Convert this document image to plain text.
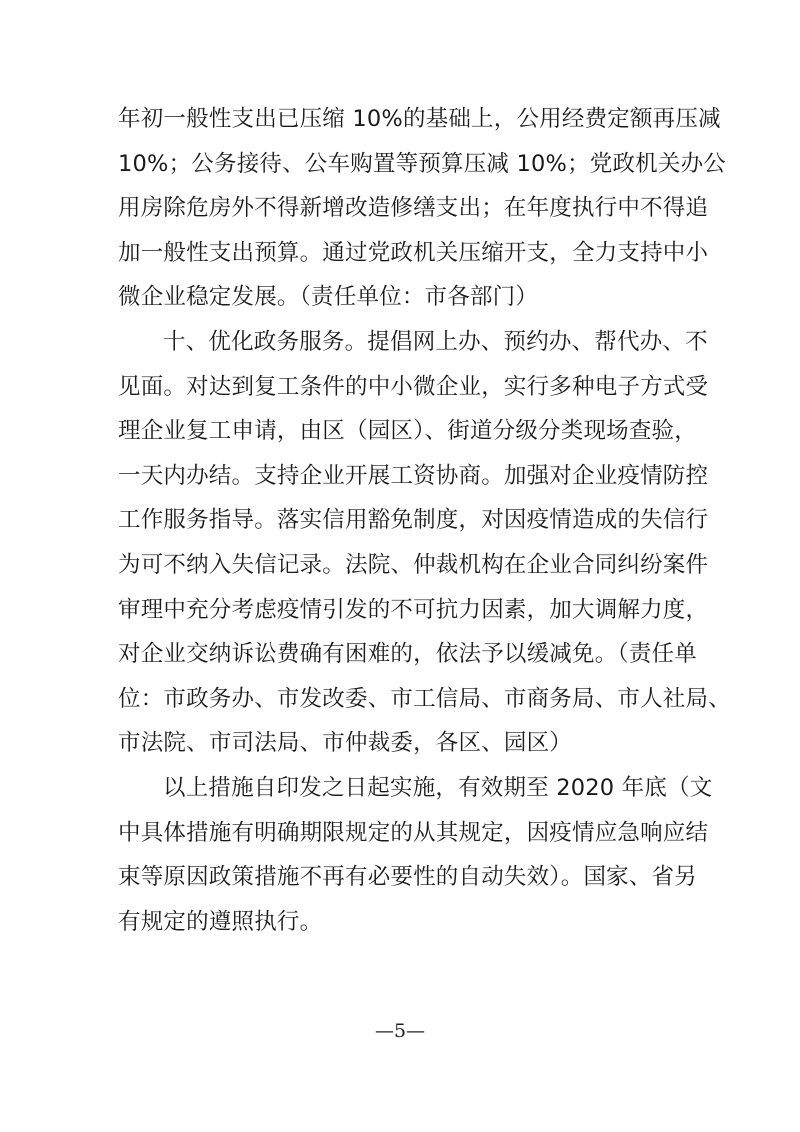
年初一般性支出已压缩 10%的基础上，公用经费定额再压减
10%；公务接待、公车购置等预算压减 10%；党政机关办公
用房除危房外不得新增改造修缮支出；在年度执行中不得追
加一般性支出预算。通过党政机关压缩开支，全力支持中小
微企业稳定发展。（责任单位：市各部门）
十、优化政务服务。提倡网上办、预约办、帮代办、不
见面。对达到复工条件的中小微企业，实行多种电子方式受
理企业复工申请，由区（园区）、街道分级分类现场查验，
一天内办结。支持企业开展工资协商。加强对企业疫情防控
工作服务指导。落实信用豁免制度，对因疫情造成的失信行
为可不纳入失信记录。法院、仲裁机构在企业合同纠纷案件
审理中充分考虑疫情引发的不可抗力因素，加大调解力度，
对企业交纳诉讼费确有困难的，依法予以缓减免。（责任单
位：市政务办、市发改委、市工信局、市商务局、市人社局、
市法院、市司法局、市仲裁委，各区、园区）
以上措施自印发之日起实施，有效期至 2020 年底（文
中具体措施有明确期限规定的从其规定，因疫情应急响应结
束等原因政策措施不再有必要性的自动失效）。国家、省另
有规定的遵照执行。
—5—
